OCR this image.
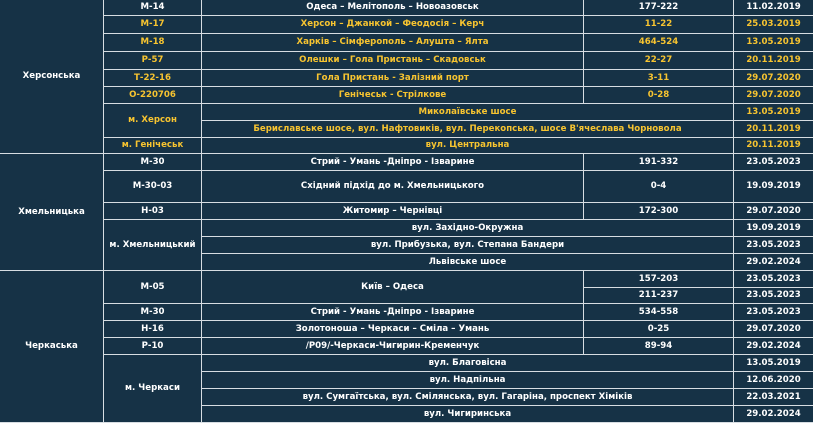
Херсонська
Хмельницька
Черкаська
М-14
М-17
М-18
Р-57
Т-22-16
О-220706
м. Херсон
м. Генічеськ
М-30
М-30-03
Н-03
м. Хмельницький
М-05
М-30
Н-16
Р-10
м. Черкаси
Одеса – Мелітополь – Новоазовськ
Херсон – Джанкой – Феодосія – Керч
Харків – Сімферополь – Алушта – Ялта
Олешки – Гола Пристань – Скадовськ
Гола Пристань - Залізний порт
Генічеськ - Стрілкове
Миколаївське шосе
Бериславське шосе, вул. Нафтовиків, вул. Перекопська, шосе В'ячеслава Чорновола
вул. Центральна
Стрий - Умань -Дніпро - Ізварине
Східний підхід до м. Хмельницького
Житомир – Чернівці
вул. Західно-Окружна
вул. Прибузька, вул. Степана Бандери
Львівське шосе
Київ – Одеса
Стрий - Умань -Дніпро - Ізварине
Золотоноша – Черкаси – Сміла – Умань
/Р09/-Черкаси-Чигирин-Кременчук
вул. Благовісна
вул. Надпільна
вул. Сумгаїтська, вул. Смілянська, вул. Гагаріна, проспект Хіміків
вул. Чигиринська
177-222
11-22
464-524
22-27
3-11
0-28
191-332
0-4
172-300
157-203
211-237
534-558
0-25
89-94
11.02.2019
25.03.2019
13.05.2019
20.11.2019
29.07.2020
29.07.2020
13.05.2019
20.11.2019
20.11.2019
23.05.2023
19.09.2019
29.07.2020
19.09.2019
23.05.2023
29.02.2024
23.05.2023
23.05.2023
23.05.2023
29.07.2020
29.02.2024
13.05.2019
12.06.2020
22.03.2021
29.02.2024
